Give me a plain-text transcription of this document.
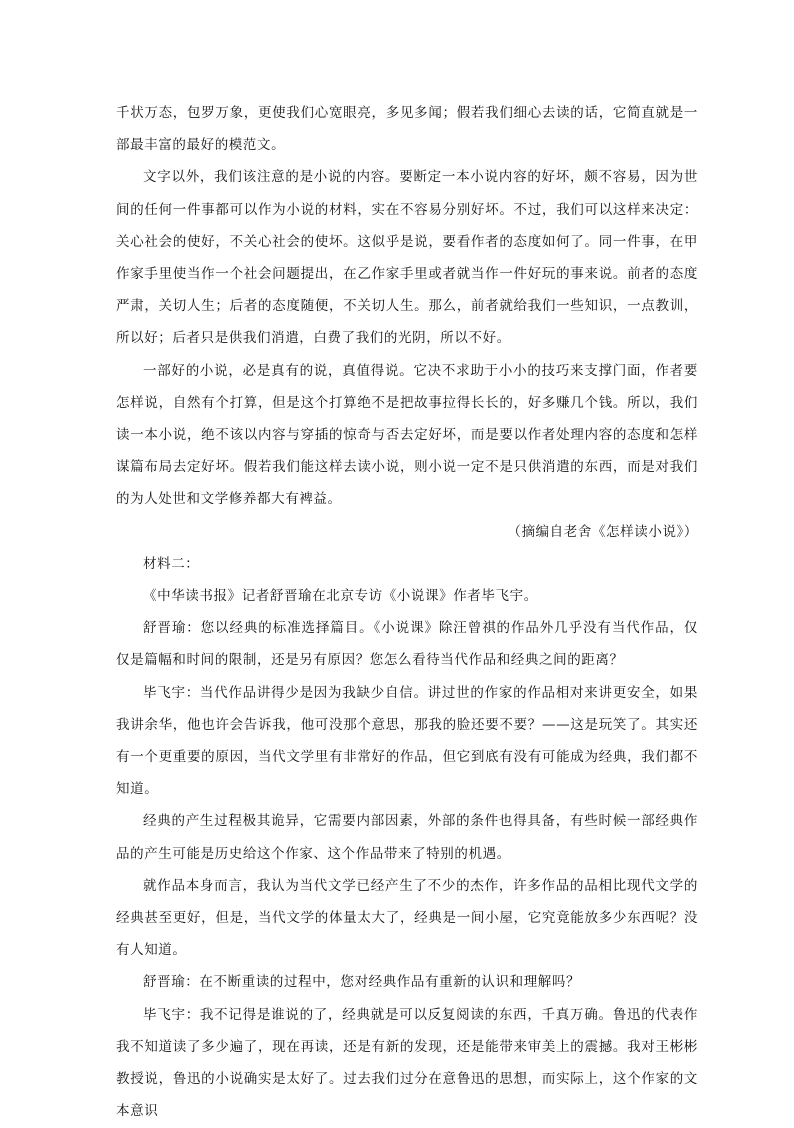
千状万态，包罗万象，更使我们心宽眼亮，多见多闻；假若我们细心去读的话，它简直就是一部最丰富的最好的模范文。

文字以外，我们该注意的是小说的内容。要断定一本小说内容的好坏，颇不容易，因为世间的任何一件事都可以作为小说的材料，实在不容易分别好坏。不过，我们可以这样来决定：关心社会的使好，不关心社会的使坏。这似乎是说，要看作者的态度如何了。同一件事，在甲作家手里使当作一个社会问题提出，在乙作家手里或者就当作一件好玩的事来说。前者的态度严肃，关切人生；后者的态度随便，不关切人生。那么，前者就给我们一些知识，一点教训，所以好；后者只是供我们消遣，白费了我们的光阴，所以不好。

一部好的小说，必是真有的说，真值得说。它决不求助于小小的技巧来支撑门面，作者要怎样说，自然有个打算，但是这个打算绝不是把故事拉得长长的，好多赚几个钱。所以，我们读一本小说，绝不该以内容与穿插的惊奇与否去定好坏，而是要以作者处理内容的态度和怎样谋篇布局去定好坏。假若我们能这样去读小说，则小说一定不是只供消遣的东西，而是对我们的为人处世和文学修养都大有裨益。

（摘编自老舍《怎样读小说》）

材料二：

《中华读书报》记者舒晋瑜在北京专访《小说课》作者毕飞宇。

舒晋瑜：您以经典的标准选择篇目。《小说课》除汪曾祺的作品外几乎没有当代作品，仅仅是篇幅和时间的限制，还是另有原因？您怎么看待当代作品和经典之间的距离？

毕飞宇：当代作品讲得少是因为我缺少自信。讲过世的作家的作品相对来讲更安全，如果我讲余华，他也许会告诉我，他可没那个意思，那我的脸还要不要？——这是玩笑了。其实还有一个更重要的原因，当代文学里有非常好的作品，但它到底有没有可能成为经典，我们都不知道。

经典的产生过程极其诡异，它需要内部因素，外部的条件也得具备，有些时候一部经典作品的产生可能是历史给这个作家、这个作品带来了特别的机遇。

就作品本身而言，我认为当代文学已经产生了不少的杰作，许多作品的品相比现代文学的经典甚至更好，但是，当代文学的体量太大了，经典是一间小屋，它究竟能放多少东西呢？没有人知道。

舒晋瑜：在不断重读的过程中，您对经典作品有重新的认识和理解吗？

毕飞宇：我不记得是谁说的了，经典就是可以反复阅读的东西，千真万确。鲁迅的代表作我不知道读了多少遍了，现在再读，还是有新的发现，还是能带来审美上的震撼。我对王彬彬教授说，鲁迅的小说确实是太好了。过去我们过分在意鲁迅的思想，而实际上，这个作家的文本意识
